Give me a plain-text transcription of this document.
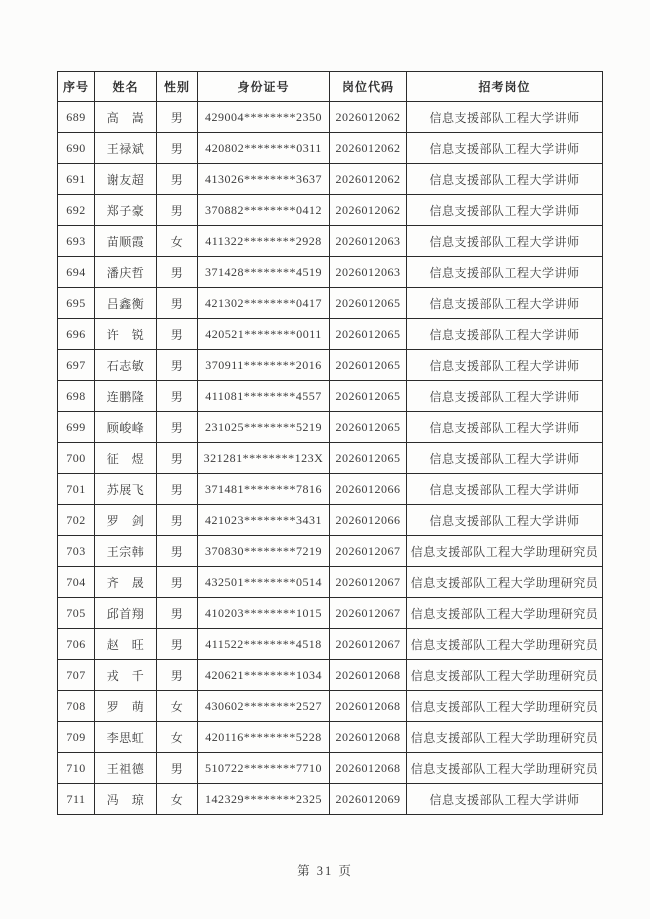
序号	姓名	性别	身份证号	岗位代码	招考岗位
689	高　嵩	男	429004********2350	2026012062	信息支援部队工程大学讲师
690	王禄斌	男	420802********0311	2026012062	信息支援部队工程大学讲师
691	谢友超	男	413026********3637	2026012062	信息支援部队工程大学讲师
692	郑子豪	男	370882********0412	2026012062	信息支援部队工程大学讲师
693	苗顺霞	女	411322********2928	2026012063	信息支援部队工程大学讲师
694	潘庆哲	男	371428********4519	2026012063	信息支援部队工程大学讲师
695	吕鑫衡	男	421302********0417	2026012065	信息支援部队工程大学讲师
696	许　锐	男	420521********0011	2026012065	信息支援部队工程大学讲师
697	石志敏	男	370911********2016	2026012065	信息支援部队工程大学讲师
698	连鹏隆	男	411081********4557	2026012065	信息支援部队工程大学讲师
699	顾峻峰	男	231025********5219	2026012065	信息支援部队工程大学讲师
700	征　煜	男	321281********123X	2026012065	信息支援部队工程大学讲师
701	苏展飞	男	371481********7816	2026012066	信息支援部队工程大学讲师
702	罗　剑	男	421023********3431	2026012066	信息支援部队工程大学讲师
703	王宗韩	男	370830********7219	2026012067	信息支援部队工程大学助理研究员
704	齐　晟	男	432501********0514	2026012067	信息支援部队工程大学助理研究员
705	邱首翔	男	410203********1015	2026012067	信息支援部队工程大学助理研究员
706	赵　旺	男	411522********4518	2026012067	信息支援部队工程大学助理研究员
707	戎　千	男	420621********1034	2026012068	信息支援部队工程大学助理研究员
708	罗　萌	女	430602********2527	2026012068	信息支援部队工程大学助理研究员
709	李思虹	女	420116********5228	2026012068	信息支援部队工程大学助理研究员
710	王祖德	男	510722********7710	2026012068	信息支援部队工程大学助理研究员
711	冯　琼	女	142329********2325	2026012069	信息支援部队工程大学讲师
第 31 页
